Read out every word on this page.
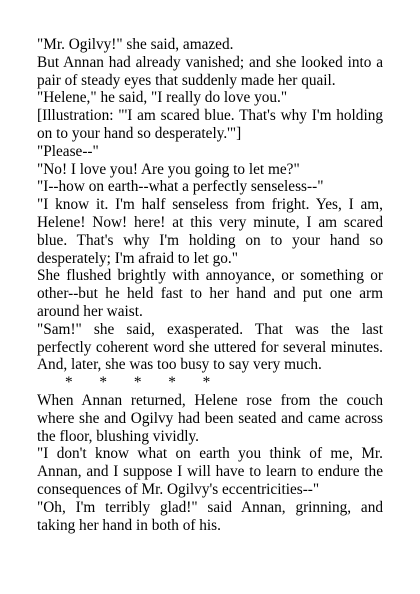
"Mr. Ogilvy!" she said, amazed.

But Annan had already vanished; and she looked into a pair of steady eyes that suddenly made her quail.

"Helene," he said, "I really do love you."

[Illustration: "'I am scared blue. That's why I'm holding on to your hand so desperately.'"]

"Please--"

"No! I love you! Are you going to let me?"

"I--how on earth--what a perfectly senseless--"

"I know it. I'm half senseless from fright. Yes, I am, Helene! Now! here! at this very minute, I am scared blue. That's why I'm holding on to your hand so desperately; I'm afraid to let go."

She flushed brightly with annoyance, or something or other--but he held fast to her hand and put one arm around her waist.

"Sam!" she said, exasperated. That was the last perfectly coherent word she uttered for several minutes. And, later, she was too busy to say very much.

*       *       *       *       *

When Annan returned, Helene rose from the couch where she and Ogilvy had been seated and came across the floor, blushing vividly.

"I don't know what on earth you think of me, Mr. Annan, and I suppose I will have to learn to endure the consequences of Mr. Ogilvy's eccentricities--"

"Oh, I'm terribly glad!" said Annan, grinning, and taking her hand in both of his.
